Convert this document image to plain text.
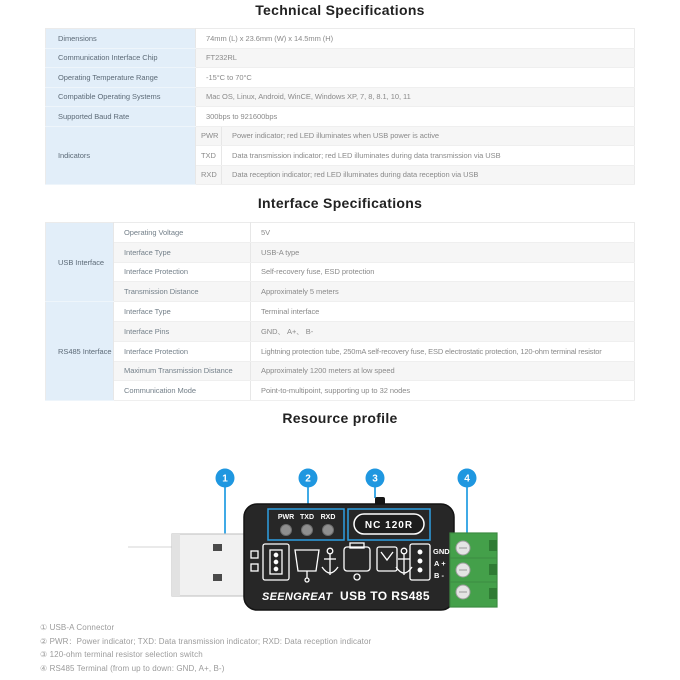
Technical Specifications
Dimensions	74mm (L) x 23.6mm (W) x 14.5mm (H)	
Communication Interface Chip	FT232RL	
Operating Temperature Range	-15°C to 70°C	
Compatible Operating Systems	Mac OS, Linux, Android, WinCE, Windows XP, 7, 8, 8.1, 10, 11	
Supported Baud Rate	300bps to 921600bps	
Indicators	PWR	Power indicator; red LED illuminates when USB power is active
	TXD	Data transmission indicator; red LED illuminates during data transmission via USB
	RXD	Data reception indicator; red LED illuminates during data reception via USB
Interface Specifications
USB Interface	Operating Voltage	5V
	Interface Type	USB-A type
	Interface Protection	Self-recovery fuse, ESD protection
	Transmission Distance	Approximately 5 meters
RS485 Interface	Interface Type	Terminal interface
	Interface Pins	GND、 A+、 B-
	Interface Protection	Lightning protection tube, 250mA self-recovery fuse, ESD electrostatic protection, 120-ohm terminal resistor
	Maximum Transmission Distance	Approximately 1200 meters at low speed
	Communication Mode	Point-to-multipoint, supporting up to 32 nodes
Resource profile
PWR TXD RXD
NC 120R
GND
A +
B -
SEENGREAT USB TO RS485
1	2	3	4
① USB-A Connector
② PWR：Power indicator; TXD: Data transmission indicator; RXD: Data reception indicator
③ 120-ohm terminal resistor selection switch
④ RS485 Terminal (from up to down: GND, A+, B-)
